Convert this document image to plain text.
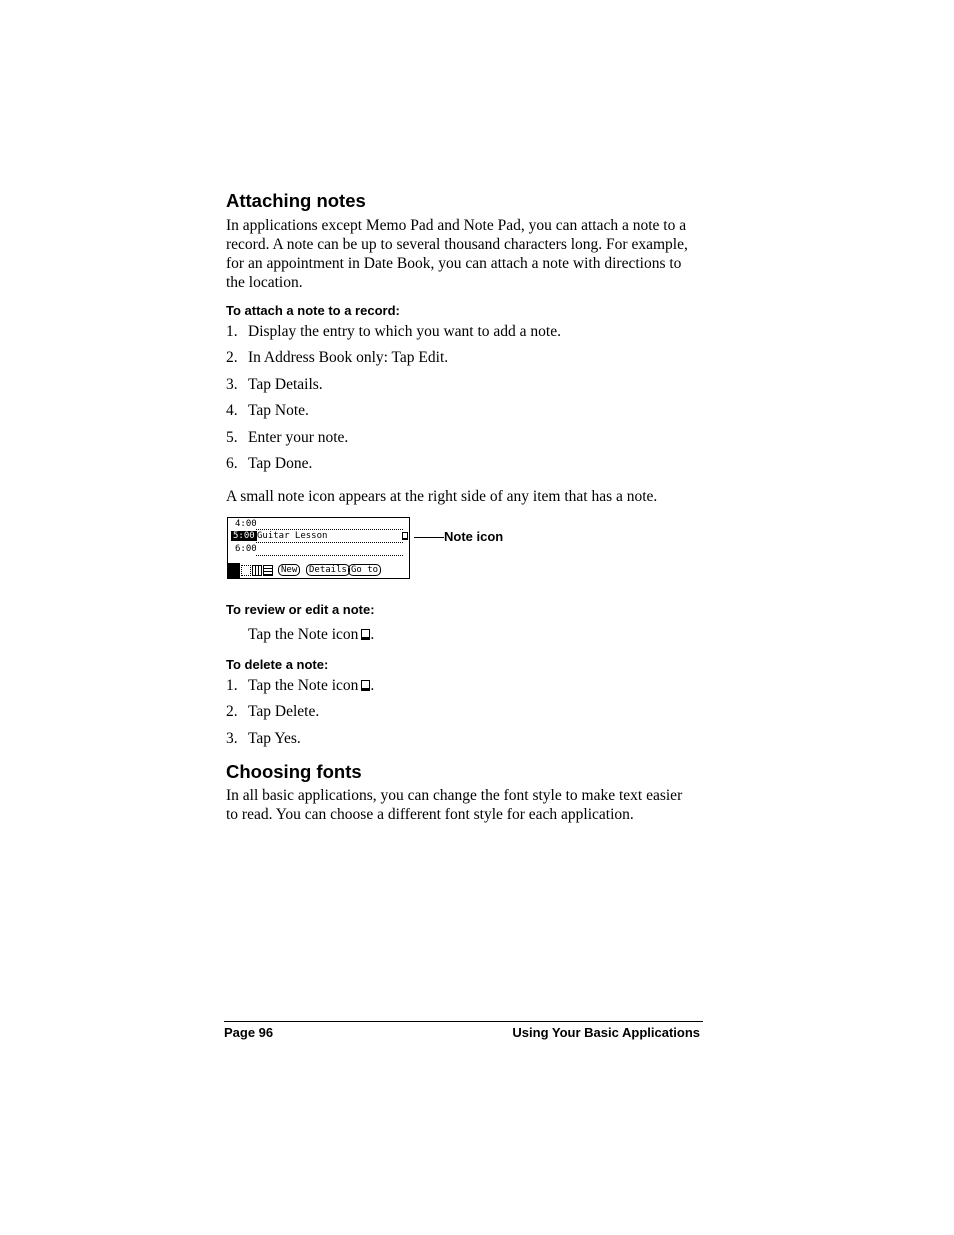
Attaching notes

In applications except Memo Pad and Note Pad, you can attach a note to a record. A note can be up to several thousand characters long. For example, for an appointment in Date Book, you can attach a note with directions to the location.

To attach a note to a record:
1. Display the entry to which you want to add a note.
2. In Address Book only: Tap Edit.
3. Tap Details.
4. Tap Note.
5. Enter your note.
6. Tap Done.
A small note icon appears at the right side of any item that has a note.
4:00
5:00 Guitar Lesson
6:00
New	Details Go to
Note icon
To review or edit a note:
Tap the Note icon .
To delete a note:
1. Tap the Note icon .
2. Tap Delete.
3. Tap Yes.
Choosing fonts

In all basic applications, you can change the font style to make text easier to read. You can choose a different font style for each application.

Page 96	Using Your Basic Applications
